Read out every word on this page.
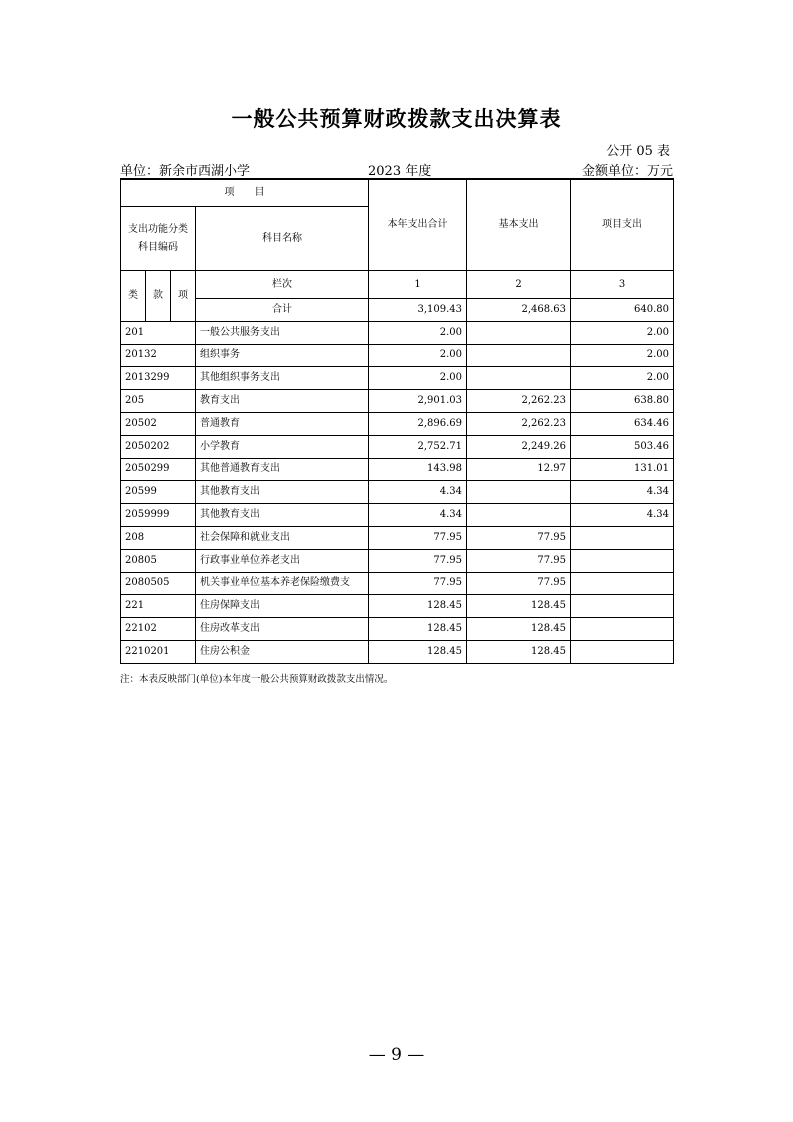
一般公共预算财政拨款支出决算表
公开 05 表
单位：新余市西湖小学	2023 年度	金额单位：万元
项　　目				本年支出合计	基本支出	项目支出
支出功能分类
科目编码			科目名称			
类	款	项	栏次	1	2	3
			合计	3,109.43	2,468.63	640.80
201			一般公共服务支出	2.00		2.00
20132			组织事务	2.00		2.00
2013299			其他组织事务支出	2.00		2.00
205			教育支出	2,901.03	2,262.23	638.80
20502			普通教育	2,896.69	2,262.23	634.46
2050202			小学教育	2,752.71	2,249.26	503.46
2050299			其他普通教育支出	143.98	12.97	131.01
20599			其他教育支出	4.34		4.34
2059999			其他教育支出	4.34		4.34
208			社会保障和就业支出	77.95	77.95	
20805			行政事业单位养老支出	77.95	77.95	
2080505			机关事业单位基本养老保险缴费支	77.95	77.95	
221			住房保障支出	128.45	128.45	
22102			住房改革支出	128.45	128.45	
2210201			住房公积金	128.45	128.45	
注：本表反映部门(单位)本年度一般公共预算财政拨款支出情况。
— 9 —
